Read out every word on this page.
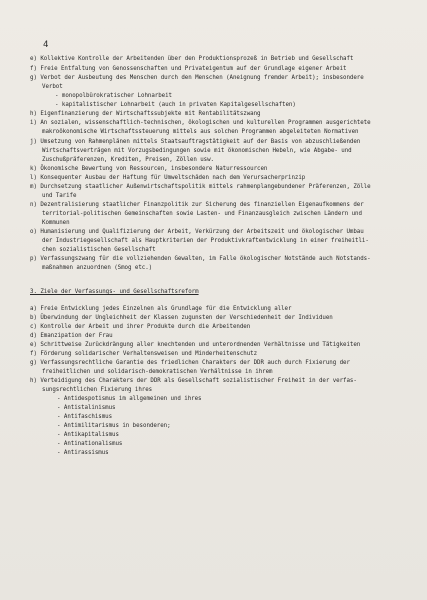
4
e) Kollektive Kontrolle der Arbeitenden über den Produktionsprozeß in Betrieb und Gesellschaft
f) Freie Entfaltung von Genossenschaften und Privateigentum auf der Grundlage eigener Arbeit
g) Verbot der Ausbeutung des Menschen durch den Menschen (Aneignung fremder Arbeit); insbesondere
Verbot
- monopolbürokratischer Lohnarbeit
- kapitalistischer Lohnarbeit (auch in privaten Kapitalgesellschaften)
h) Eigenfinanzierung der Wirtschaftssubjekte mit Rentabilitätszwang
i) An sozialen, wissenschaftlich-technischen, ökologischen und kulturellen Programmen ausgerichtete
makroökonomische Wirtschaftssteuerung mittels aus solchen Programmen abgeleiteten Normativen
j) Umsetzung von Rahmenplänen mittels Staatsauftragstätigkeit auf der Basis von abzuschließenden
Wirtschaftsverträgen mit Vorzugsbedingungen sowie mit ökonomischen Hebeln, wie Abgabe- und
Zuschußpräferenzen, Krediten, Preisen, Zöllen usw.
k) Ökonomische Bewertung von Ressourcen, insbesondere Naturressourcen
l) Konsequenter Ausbau der Haftung für Umweltschäden nach dem Verursacherprinzip
m) Durchsetzung staatlicher Außenwirtschaftspolitik mittels rahmenplangebundener Präferenzen, Zölle
und Tarife
n) Dezentralisierung staatlicher Finanzpolitik zur Sicherung des finanziellen Eigenaufkommens der
territorial-politischen Gemeinschaften sowie Lasten- und Finanzausgleich zwischen Ländern und
Kommunen
o) Humanisierung und Qualifizierung der Arbeit, Verkürzung der Arbeitszeit und ökologischer Umbau
der Industriegesellschaft als Hauptkriterien der Produktivkraftentwicklung in einer freiheitli-
chen sozialistischen Gesellschaft
p) Verfassungszwang für die vollziehenden Gewalten, im Falle ökologischer Notstände auch Notstands-
maßnahmen anzuordnen (Smog etc.)
3. Ziele der Verfassungs- und Gesellschaftsreform
a) Freie Entwicklung jedes Einzelnen als Grundlage für die Entwicklung aller
b) Überwindung der Ungleichheit der Klassen zugunsten der Verschiedenheit der Individuen
c) Kontrolle der Arbeit und ihrer Produkte durch die Arbeitenden
d) Emanzipation der Frau
e) Schrittweise Zurückdrängung aller knechtenden und unterordnenden Verhältnisse und Tätigkeiten
f) Förderung solidarischer Verhaltensweisen und Minderheitenschutz
g) Verfassungsrechtliche Garantie des friedlichen Charakters der DDR auch durch Fixierung der
freiheitlichen und solidarisch-demokratischen Verhältnisse in ihrem
h) Verteidigung des Charakters der DDR als Gesellschaft sozialistischer Freiheit in der verfas-
sungsrechtlichen Fixierung ihres
- Antidespotismus im allgemeinen und ihres
- Antistalinismus
- Antifaschismus
- Antimilitarismus in besonderen;
- Antikapitalismus
- Antinationalismus
- Antirassismus
